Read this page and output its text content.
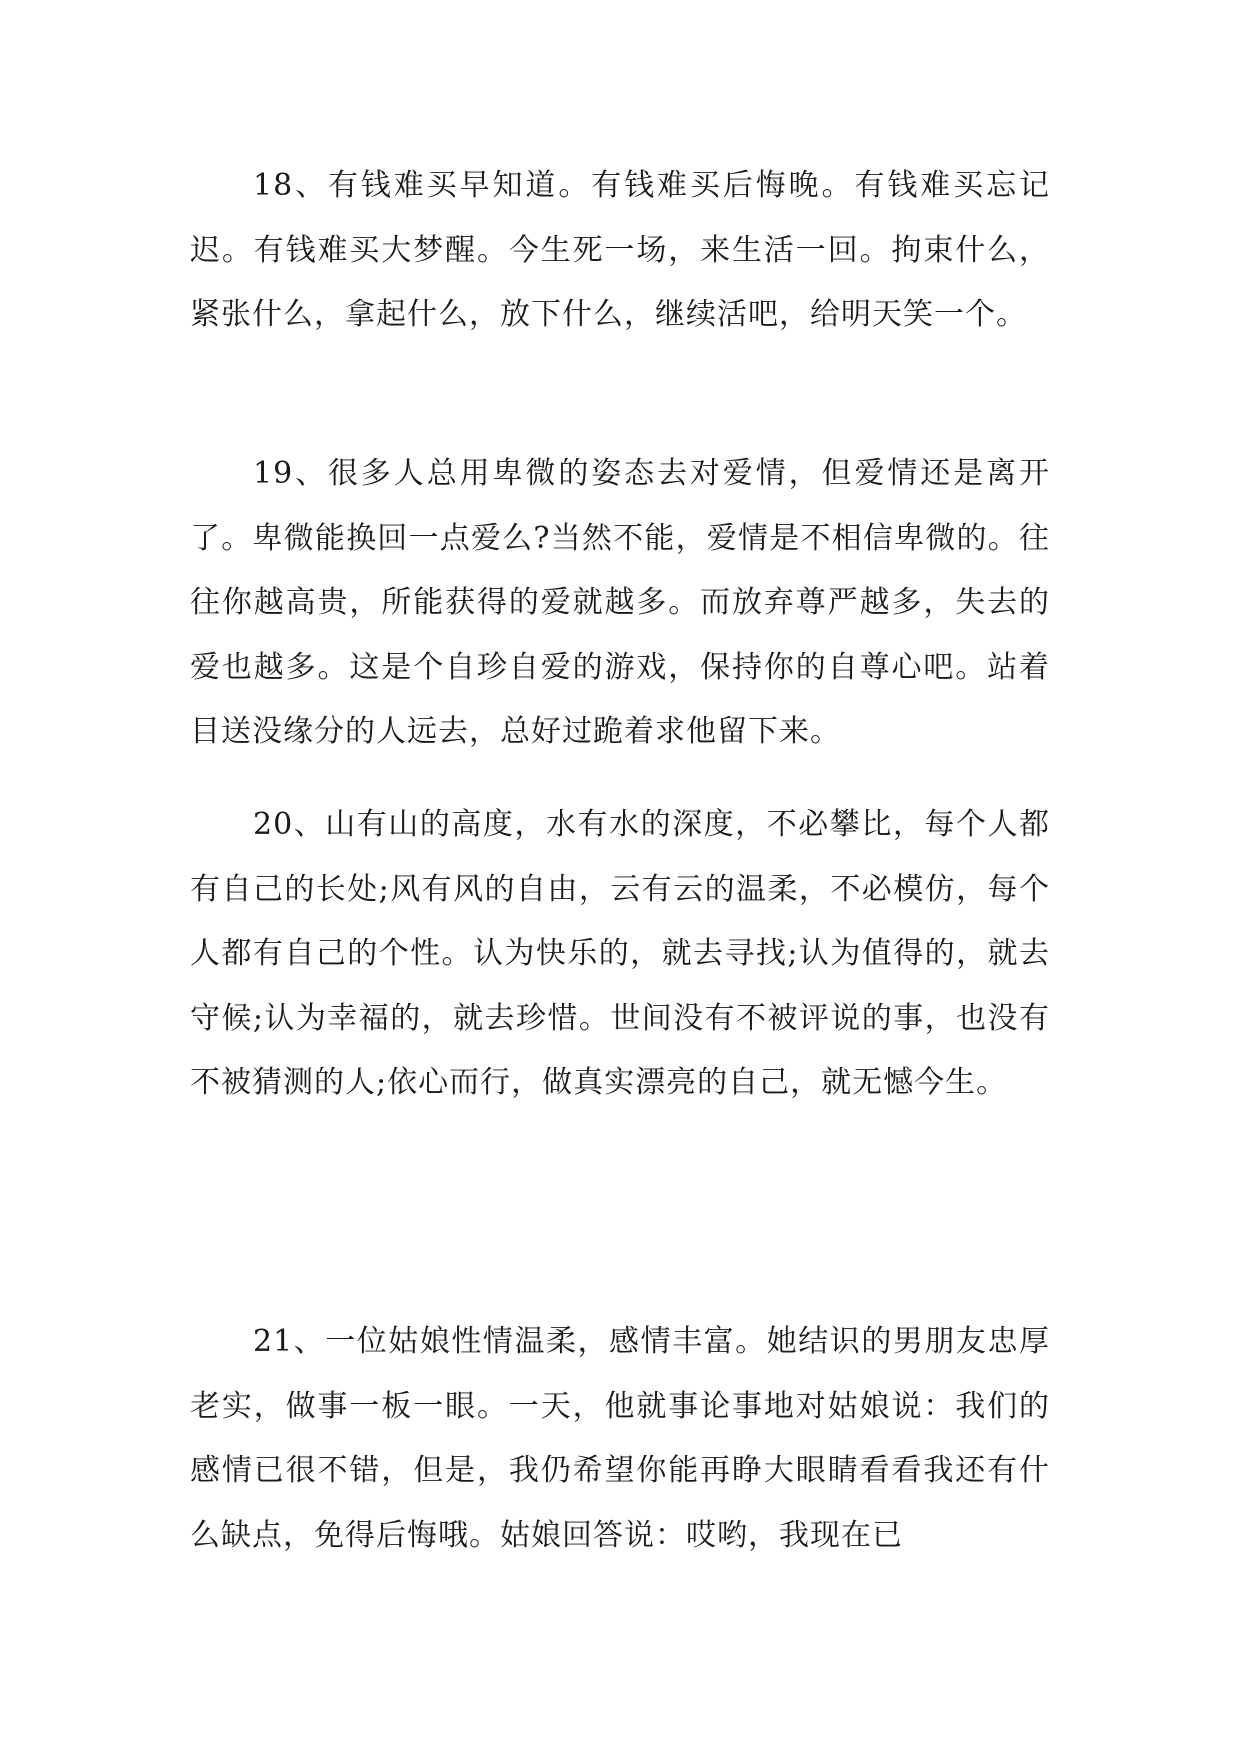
18、有钱难买早知道。有钱难买后悔晚。有钱难买忘记迟。有钱难买大梦醒。今生死一场，来生活一回。拘束什么，紧张什么，拿起什么，放下什么，继续活吧，给明天笑一个。

19、很多人总用卑微的姿态去对爱情，但爱情还是离开了。卑微能换回一点爱么?当然不能，爱情是不相信卑微的。往往你越高贵，所能获得的爱就越多。而放弃尊严越多，失去的爱也越多。这是个自珍自爱的游戏，保持你的自尊心吧。站着目送没缘分的人远去，总好过跪着求他留下来。

20、山有山的高度，水有水的深度，不必攀比，每个人都有自己的长处;风有风的自由，云有云的温柔，不必模仿，每个人都有自己的个性。认为快乐的，就去寻找;认为值得的，就去守候;认为幸福的，就去珍惜。世间没有不被评说的事，也没有不被猜测的人;依心而行，做真实漂亮的自己，就无憾今生。

21、一位姑娘性情温柔，感情丰富。她结识的男朋友忠厚老实，做事一板一眼。一天，他就事论事地对姑娘说：我们的感情已很不错，但是，我仍希望你能再睁大眼睛看看我还有什么缺点，免得后悔哦。姑娘回答说：哎哟，我现在已
